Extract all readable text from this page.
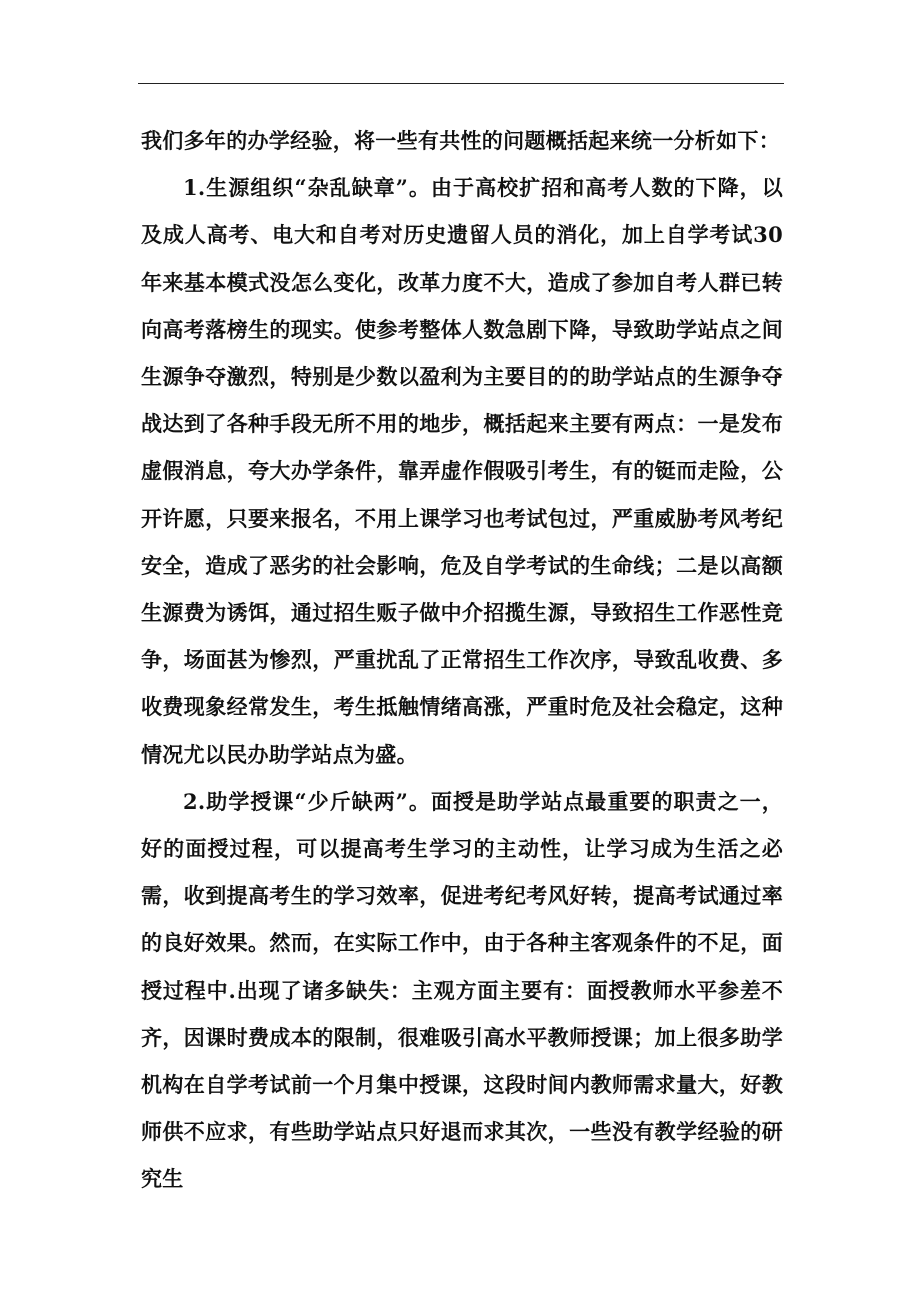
我们多年的办学经验，将一些有共性的问题概括起来统一分析如下：

1.生源组织“杂乱缺章”。由于高校扩招和高考人数的下降，以及成人高考、电大和自考对历史遗留人员的消化，加上自学考试30年来基本模式没怎么变化，改革力度不大，造成了参加自考人群已转向高考落榜生的现实。使参考整体人数急剧下降，导致助学站点之间生源争夺激烈，特别是少数以盈利为主要目的的助学站点的生源争夺战达到了各种手段无所不用的地步，概括起来主要有两点：一是发布虚假消息，夸大办学条件，靠弄虚作假吸引考生，有的铤而走险，公开许愿，只要来报名，不用上课学习也考试包过，严重威胁考风考纪安全，造成了恶劣的社会影响，危及自学考试的生命线；二是以高额生源费为诱饵，通过招生贩子做中介招揽生源，导致招生工作恶性竞争，场面甚为惨烈，严重扰乱了正常招生工作次序，导致乱收费、多收费现象经常发生，考生抵触情绪高涨，严重时危及社会稳定，这种情况尤以民办助学站点为盛。

2.助学授课“少斤缺两”。面授是助学站点最重要的职责之一，好的面授过程，可以提高考生学习的主动性，让学习成为生活之必需，收到提高考生的学习效率，促进考纪考风好转，提高考试通过率的良好效果。然而，在实际工作中，由于各种主客观条件的不足，面授过程中.出现了诸多缺失：主观方面主要有：面授教师水平参差不齐，因课时费成本的限制，很难吸引高水平教师授课；加上很多助学机构在自学考试前一个月集中授课，这段时间内教师需求量大，好教师供不应求，有些助学站点只好退而求其次，一些没有教学经验的研究生
